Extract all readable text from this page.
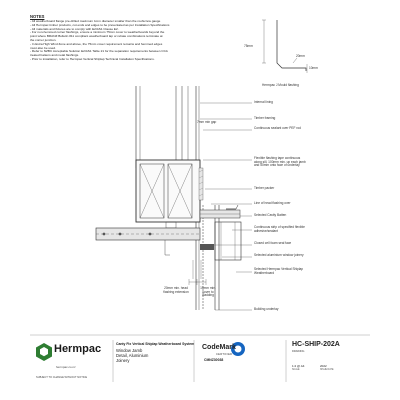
NOTES
- All weatherboard flange pre-drilled maximum 1mm diameter smaller than the roofscrew gauge
- All Hermpac timber products, cut ends and edges to be preventated as per Installation Specifications
- All materials and fixtures are to comply with E2/AS1 Clause E2.
- For non-hemmed corner flashings, ensure a minimum 75mm cover to weatherboards beyond the
point where BRANZ Bulletin #11 compliant weatherboard lap or rebate combinations terminate at
the corner junction.
- In Extra High Wind Zone and above, the 75mm cover requirement remains and hemmed edges
must also be used.
- Refer to NZBC Acceptable Solution E2/AS1 Table 21 for the separation requirements between CCA
treated battens and metal flashings.
- Prior to installation, refer to Hermpac Vertical Shiplap Technical Installation Specifications.
75mm
20mm
10mm
Hermpac J Mould flashing
Internal lining
Timber framing
7mm min gap
Continuous sealant over PEF rod
Flexible flashing tape continuous along sill, 100mm min. up each jamb and 50mm onto face of underlay
Timber packer
Line of head flashing over
Selected Cavity Batten
Continuous strip of specified flexible adhesive/sealant
Closed cell foam seal face
Selected aluminium window joinery
Selected Hermpac Vertical Shiplap Weatherboard
Building underlay
20mm min. head flashing extension
10mm min. cover to cladding
Hermpac
hermpac.co.nz
SUBJECT TO CHANGE WITHOUT NOTICE
Canty Fix Vertical Shiplap Weatherboard System
Window Jamb
Detail, Aluminium
Joinery
CodeMark
CERTIFIED
CMNZ30038
HC-SHIP-202A
DRAWING
1:2 @ A4	2022
SCALE	ISSUE DATE
